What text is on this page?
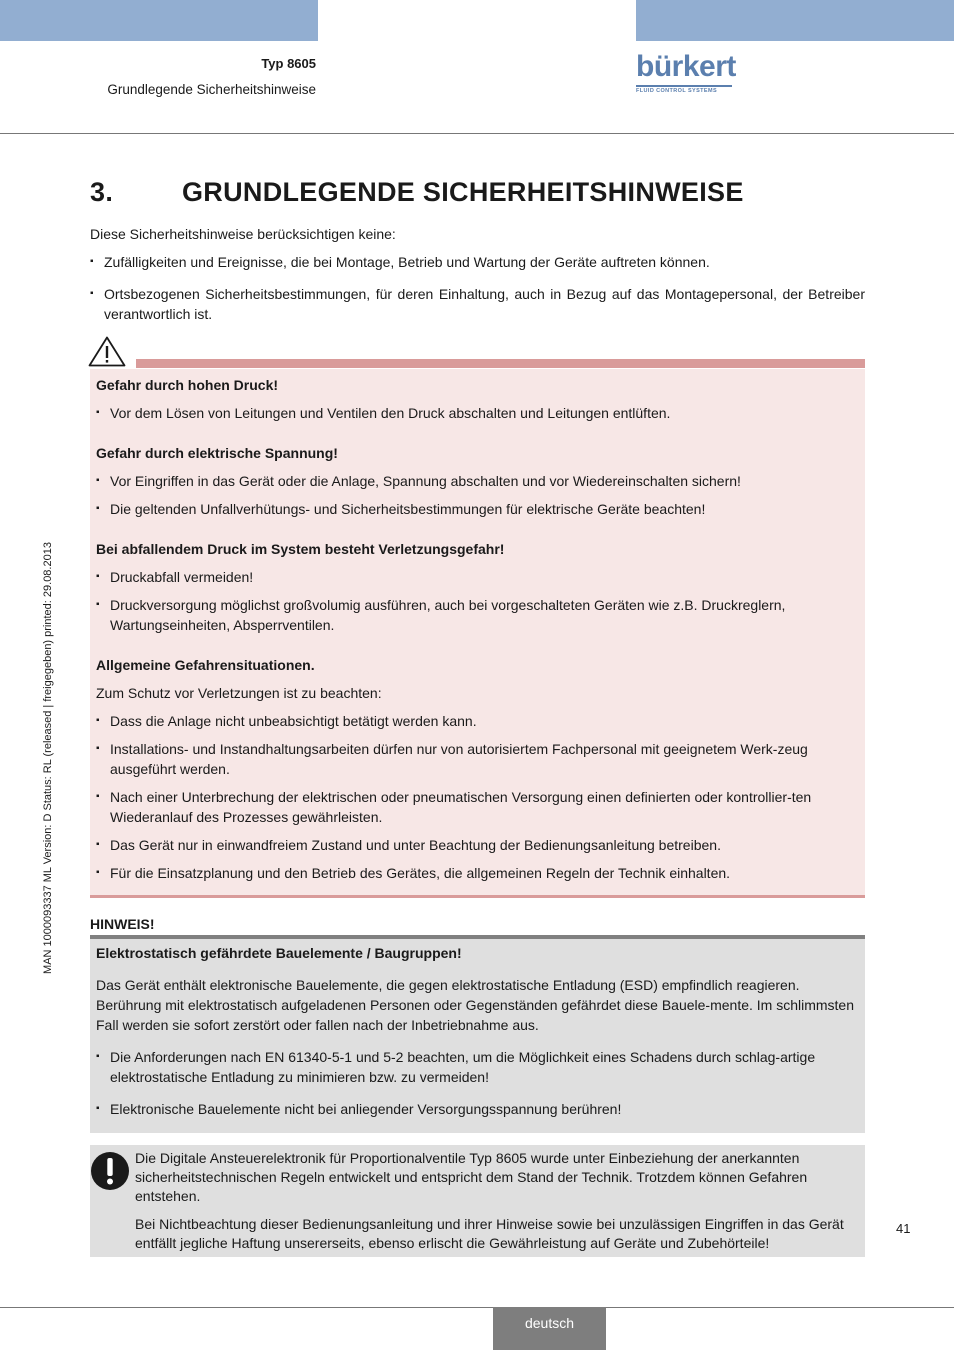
Typ 8605
Grundlegende Sicherheitshinweise
bürkert
FLUID CONTROL SYSTEMS
MAN 1000093337 ML Version: D Status: RL (released | freigegeben) printed: 29.08.2013
3.	GRUNDLEGENDE SICHERHEITSHINWEISE
Diese Sicherheitshinweise berücksichtigen keine:
▪ Zufälligkeiten und Ereignisse, die bei Montage, Betrieb und Wartung der Geräte auftreten können.
▪ Ortsbezogenen Sicherheitsbestimmungen, für deren Einhaltung, auch in Bezug auf das Montagepersonal, der Betreiber verantwortlich ist.
Gefahr durch hohen Druck!
▪ Vor dem Lösen von Leitungen und Ventilen den Druck abschalten und Leitungen entlüften.
Gefahr durch elektrische Spannung!
▪ Vor Eingriffen in das Gerät oder die Anlage, Spannung abschalten und vor Wiedereinschalten sichern!
▪ Die geltenden Unfallverhütungs- und Sicherheitsbestimmungen für elektrische Geräte beachten!
Bei abfallendem Druck im System besteht Verletzungsgefahr!
▪ Druckabfall vermeiden!
▪ Druckversorgung möglichst großvolumig ausführen, auch bei vorgeschalteten Geräten wie z.B. Druckreglern, Wartungseinheiten, Absperrventilen.
Allgemeine Gefahrensituationen.
Zum Schutz vor Verletzungen ist zu beachten:
▪ Dass die Anlage nicht unbeabsichtigt betätigt werden kann.
▪ Installations- und Instandhaltungsarbeiten dürfen nur von autorisiertem Fachpersonal mit geeignetem Werk-zeug ausgeführt werden.
▪ Nach einer Unterbrechung der elektrischen oder pneumatischen Versorgung einen definierten oder kontrollier-ten Wiederanlauf des Prozesses gewährleisten.
▪ Das Gerät nur in einwandfreiem Zustand und unter Beachtung der Bedienungsanleitung betreiben.
▪ Für die Einsatzplanung und den Betrieb des Gerätes, die allgemeinen Regeln der Technik einhalten.
HINWEIS!
Elektrostatisch gefährdete Bauelemente / Baugruppen!
Das Gerät enthält elektronische Bauelemente, die gegen elektrostatische Entladung (ESD) empfindlich reagieren. Berührung mit elektrostatisch aufgeladenen Personen oder Gegenständen gefährdet diese Bauele-mente. Im schlimmsten Fall werden sie sofort zerstört oder fallen nach der Inbetriebnahme aus.
▪ Die Anforderungen nach EN 61340-5-1 und 5-2 beachten, um die Möglichkeit eines Schadens durch schlag-artige elektrostatische Entladung zu minimieren bzw. zu vermeiden!
▪ Elektronische Bauelemente nicht bei anliegender Versorgungsspannung berühren!

Die Digitale Ansteuerelektronik für Proportionalventile Typ 8605 wurde unter Einbeziehung der anerkannten sicherheitstechnischen Regeln entwickelt und entspricht dem Stand der Technik. Trotzdem können Gefahren entstehen.

Bei Nichtbeachtung dieser Bedienungsanleitung und ihrer Hinweise sowie bei unzulässigen Eingriffen in das Gerät entfällt jegliche Haftung unsererseits, ebenso erlischt die Gewährleistung auf Geräte und Zubehörteile!

41
deutsch
